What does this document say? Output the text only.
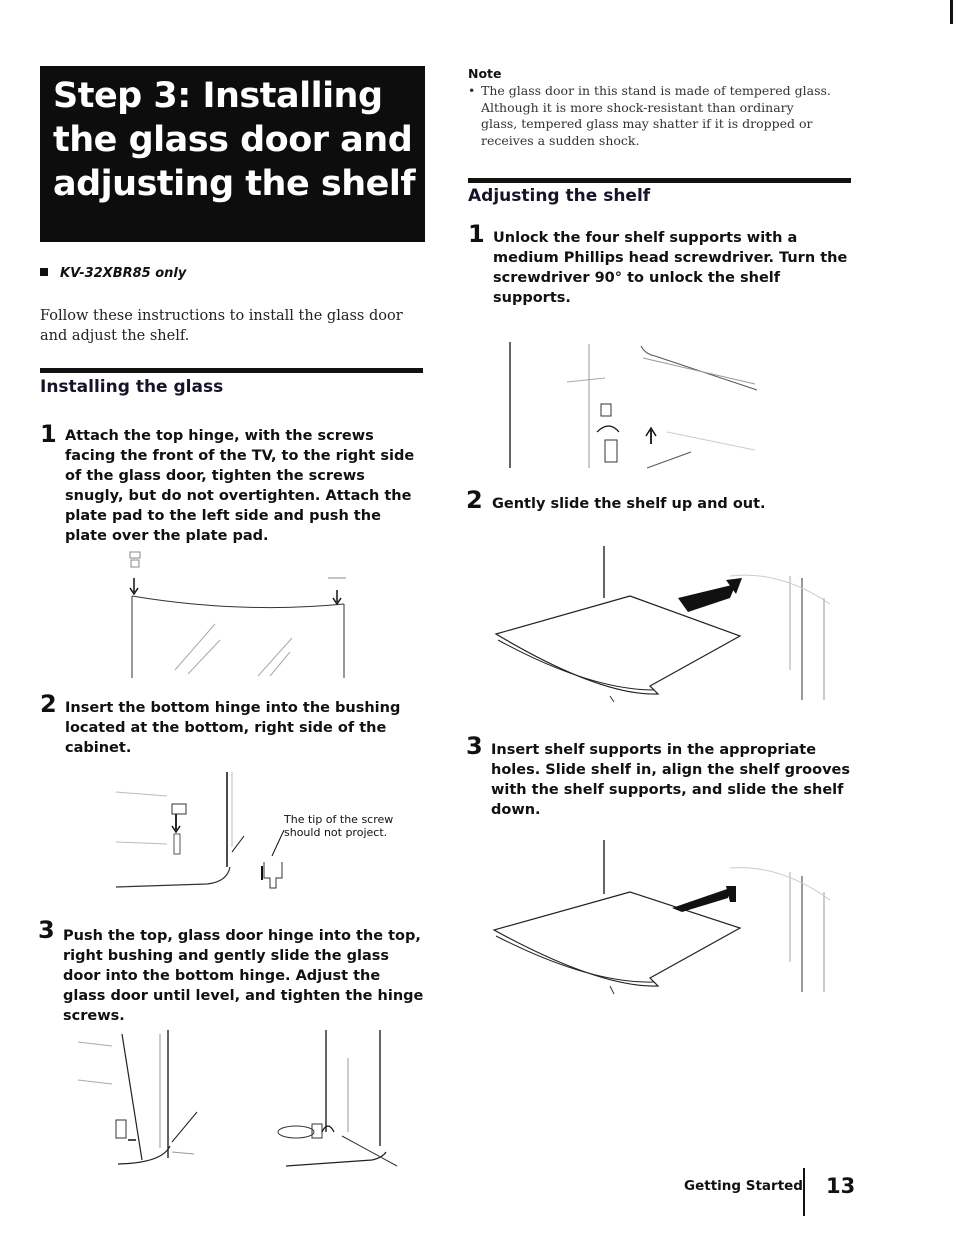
Step 3: Installing the glass door and adjusting the shelf
KV-32XBR85 only
Follow these instructions to install the glass door and adjust the shelf.
Installing the glass
1 Attach the top hinge, with the screws facing the front of the TV, to the right side of the glass door, tighten the screws snugly, but do not overtighten. Attach the plate pad to the left side and push the plate over the plate pad.
2 Insert the bottom hinge into the bushing located at the bottom, right side of the cabinet.
The tip of the screw should not project.
3 Push the top, glass door hinge into the top, right bushing and gently slide the glass door into the bottom hinge. Adjust the glass door until level, and tighten the hinge screws.
Note
• The glass door in this stand is made of tempered glass. Although it is more shock-resistant than ordinary glass, tempered glass may shatter if it is dropped or receives a sudden shock.
Adjusting the shelf
1 Unlock the four shelf supports with a medium Phillips head screwdriver. Turn the screwdriver 90° to unlock the shelf supports.
2 Gently slide the shelf up and out.
3 Insert shelf supports in the appropriate holes. Slide shelf in, align the shelf grooves with the shelf supports, and slide the shelf down.
Getting Started 13
